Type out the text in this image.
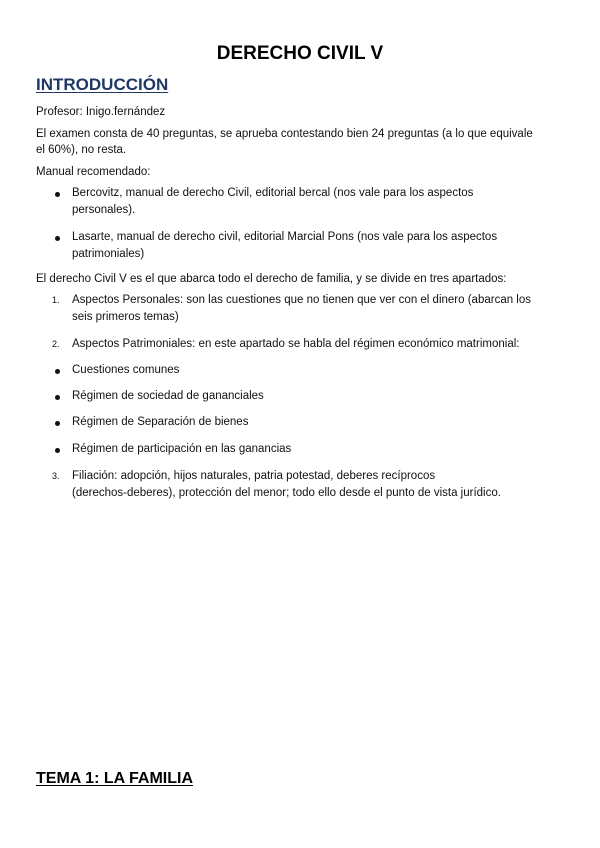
DERECHO CIVIL V
INTRODUCCIÓN

Profesor: Inigo.fernández

El examen consta de 40 preguntas, se aprueba contestando bien 24 preguntas (a lo que equivale

el 60%), no resta.

Manual recomendado:

Bercovitz, manual de derecho Civil, editorial bercal (nos vale para los aspectos

personales).

Lasarte, manual de derecho civil, editorial Marcial Pons (nos vale para los aspectos

patrimoniales)

El derecho Civil V es el que abarca todo el derecho de familia, y se divide en tres apartados:

1. Aspectos Personales: son las cuestiones que no tienen que ver con el dinero (abarcan los

seis primeros temas)

2. Aspectos Patrimoniales: en este apartado se habla del régimen económico matrimonial:

Cuestiones comunes

Régimen de sociedad de gananciales

Régimen de Separación de bienes

Régimen de participación en las ganancias

3. Filiación: adopción, hijos naturales, patria potestad, deberes recíprocos

(derechos-deberes), protección del menor; todo ello desde el punto de vista jurídico.

TEMA 1: LA FAMILIA
